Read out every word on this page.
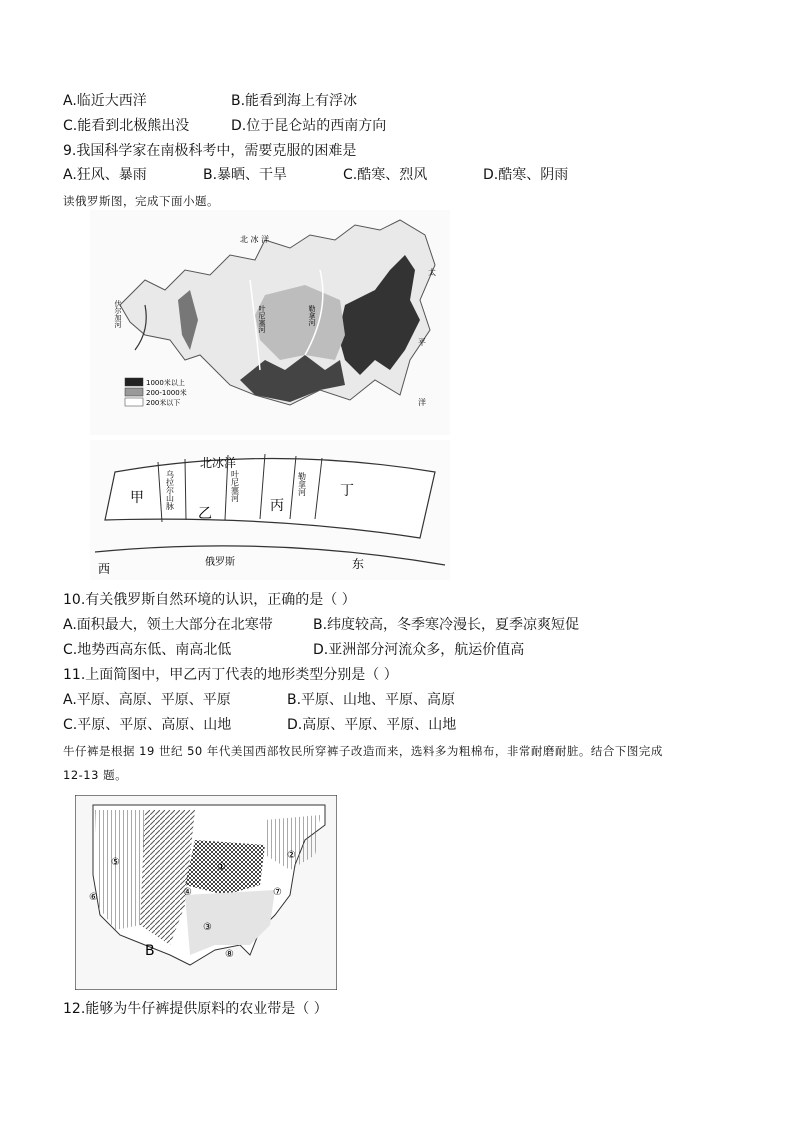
A.临近大西洋	B.能看到海上有浮冰
C.能看到北极熊出没	D.位于昆仑站的西南方向
9.我国科学家在南极科考中，需要克服的困难是
A.狂风、暴雨	B.暴晒、干旱	C.酷寒、烈风	D.酷寒、阴雨
读俄罗斯图，完成下面小题。
北 冰 洋
太
平
洋
伏尔加河	叶尼塞河	勒拿河
1000米以上
200-1000米
200米以下
北冰洋
甲	乌拉尔山脉
乙
叶尼塞河
丙
勒拿河 丁
西	俄罗斯	东
10.有关俄罗斯自然环境的认识，正确的是（ ）
A.面积最大，领土大部分在北寒带	B.纬度较高，冬季寒冷漫长，夏季凉爽短促
C.地势西高东低、南高北低	D.亚洲部分河流众多，航运价值高
11.上面简图中，甲乙丙丁代表的地形类型分别是（ ）
A.平原、高原、平原、平原	B.平原、山地、平原、高原
C.平原、平原、高原、山地	D.高原、平原、平原、山地
牛仔裤是根据 19 世纪 50 年代美国西部牧民所穿裤子改造而来，选料多为粗棉布，非常耐磨耐脏。结合下图完成
12-13 题。
①
②
③
④
⑤
⑥	⑦
⑧
B
12.能够为牛仔裤提供原料的农业带是（ ）
